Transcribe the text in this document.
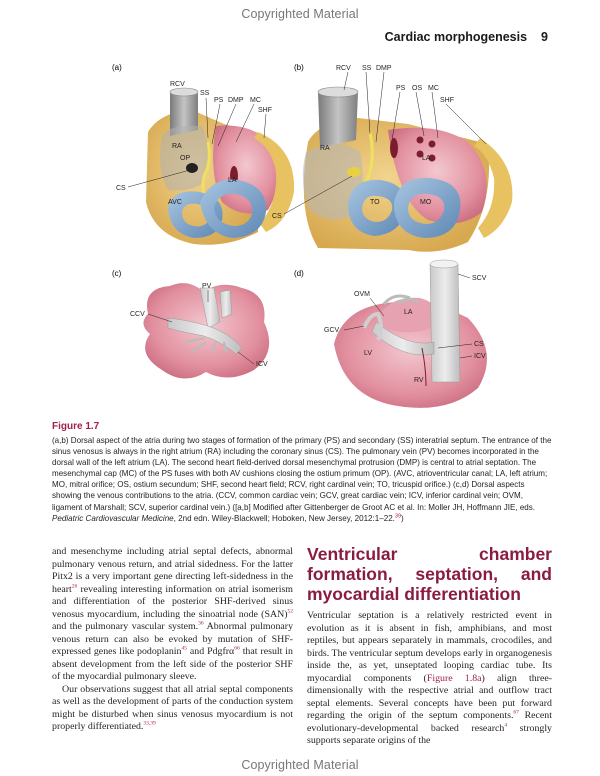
Copyrighted Material
Cardiac morphogenesis 9
(a)
RCV
SS
PS DMP MC
SHF
RA
OP
LA
CS
AVC
(b)	RCV SS DMP
PS OS MC
SHF
RA
LA
TO	MO
CS
(c)
PV
CCV
ICV
(d)
SCV
OVM
LA
GCV
CS
LV	ICV
RV
Figure 1.7

(a,b) Dorsal aspect of the atria during two stages of formation of the primary (PS) and secondary (SS) interatrial septum. The entrance of the sinus venosus is always in the right atrium (RA) including the coronary sinus (CS). The pulmonary vein (PV) becomes incorporated in the dorsal wall of the left atrium (LA). The second heart field-derived dorsal mesenchymal protrusion (DMP) is central to atrial septation. The mesenchymal cap (MC) of the PS fuses with both AV cushions closing the ostium primum (OP). (AVC, atrioventricular canal; LA, left atrium; MO, mitral orifice; OS, ostium secundum; SHF, second heart field; RCV, right cardinal vein; TO, tricuspid orifice.) (c,d) Dorsal aspects showing the venous contributions to the atria. (CCV, common cardiac vein; GCV, great cardiac vein; ICV, inferior cardinal vein; OVM, ligament of Marshall; SCV, superior cardinal vein.) ([a,b] Modified after Gittenberger de Groot AC et al. In: Moller JH, Hoffmann JIE, eds. Pediatric Cardiovascular Medicine, 2nd edn. Wiley-Blackwell; Hoboken, New Jersey, 2012:1–22.39)

and mesenchyme including atrial septal defects, abnormal pulmonary venous return, and atrial sidedness. For the latter Pitx2 is a very important gene directing left-sidedness in the heart$^{26}$ revealing interesting information on atrial isomerism and differentiation of the posterior SHF-derived sinus venosus myocardium, including the sinoatrial node (SAN)$^{52}$ and the pulmonary vascular system.$^{36}$ Abnormal pulmonary venous return can also be evoked by mutation of SHF-expressed genes like podoplanin$^{45}$ and Pdgfrα$^{66}$ that result in absent development from the left side of the posterior SHF of the myocardial pulmonary sleeve.

Our observations suggest that all atrial septal components as well as the development of parts of the conduction system might be disturbed when sinus venosus myocardium is not properly differentiated.$^{33,39}$

Ventricular chamber formation, septation, and myocardial differentiation

Ventricular septation is a relatively restricted event in evolution as it is absent in fish, amphibians, and most reptiles, but appears separately in mammals, crocodiles, and birds. The ventricular septum develops early in organogenesis inside the, as yet, unseptated looping cardiac tube. Its myocardial components (Figure 1.8a) align three-dimensionally with the respective atrial and outflow tract septal elements. Several concepts have been put forward regarding the origin of the septum components.$^{67}$ Recent evolutionary-developmental backed research$^4$ strongly supports separate origins of the

Copyrighted Material
